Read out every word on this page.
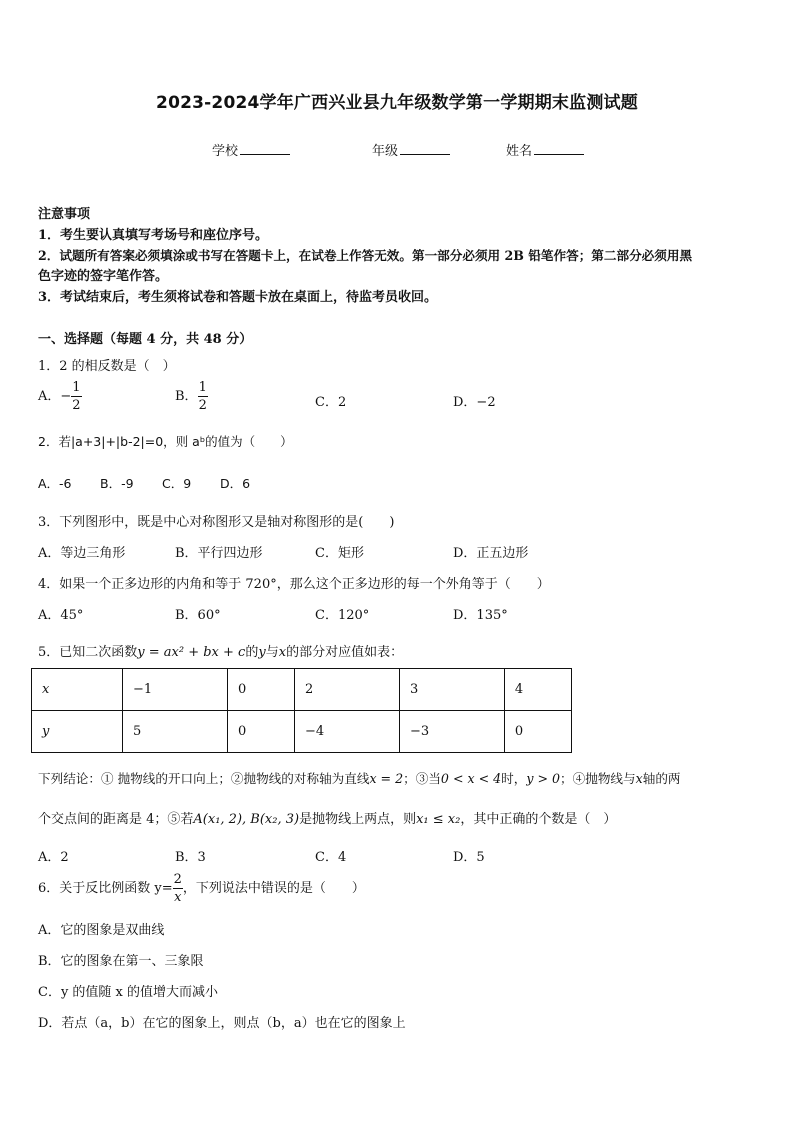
2023-2024学年广西兴业县九年级数学第一学期期末监测试题
学校	年级	姓名
注意事项
1．考生要认真填写考场号和座位序号。
2．试题所有答案必须填涂或书写在答题卡上，在试卷上作答无效。第一部分必须用 2B 铅笔作答；第二部分必须用黑
色字迹的签字笔作答。
3．考试结束后，考生须将试卷和答题卡放在桌面上，待监考员收回。
一、选择题（每题 4 分，共 48 分）
1．2 的相反数是（　）
A．− $\frac{1}{2}$	B． $\frac{1}{2}$	C．2	D．−2
2．若|a+3|+|b-2|=0，则 aᵇ的值为（　　）
A．-6 B．-9 C．9 D．6
3．下列图形中，既是中心对称图形又是轴对称图形的是(　　)
A．等边三角形	B．平行四边形	C．矩形	D．正五边形
4．如果一个正多边形的内角和等于 720°，那么这个正多边形的每一个外角等于（　　）
A．45°	B．60°	C．120°	D．135°
5．已知二次函数y = ax² + bx + c的y与x的部分对应值如表：
x	−1	0	2	3	4
y	5	0	−4	−3	0
下列结论：① 抛物线的开口向上；②抛物线的对称轴为直线x = 2；③当0 < x < 4时，y > 0；④抛物线与x轴的两
个交点间的距离是 4；⑤若A(x₁, 2), B(x₂, 3)是抛物线上两点，则x₁ ≤ x₂，其中正确的个数是（　）
A．2	B．3	C．4	D．5
6．关于反比例函数 $y= \frac{2}{x}$ ，下列说法中错误的是（　　）
A．它的图象是双曲线
B．它的图象在第一、三象限
C．y 的值随 x 的值增大而减小
D．若点（a，b）在它的图象上，则点（b，a）也在它的图象上
